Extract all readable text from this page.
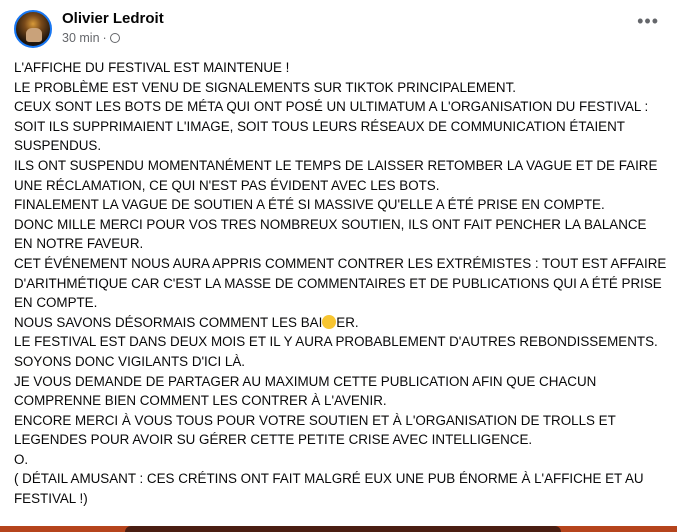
Olivier Ledroit
30 min ·
•••
L'AFFICHE DU FESTIVAL EST MAINTENUE !
LE PROBLÈME EST VENU DE SIGNALEMENTS SUR TIKTOK PRINCIPALEMENT.
CEUX SONT LES BOTS DE MÉTA QUI ONT POSÉ UN ULTIMATUM A L'ORGANISATION DU FESTIVAL :
SOIT ILS SUPPRIMAIENT L'IMAGE, SOIT TOUS LEURS RÉSEAUX DE COMMUNICATION ÉTAIENT
SUSPENDUS.
ILS ONT SUSPENDU MOMENTANÉMENT LE TEMPS DE LAISSER RETOMBER LA VAGUE ET DE FAIRE
UNE RÉCLAMATION, CE QUI N'EST PAS ÉVIDENT AVEC LES BOTS.
FINALEMENT LA VAGUE DE SOUTIEN A ÉTÉ SI MASSIVE QU'ELLE A ÉTÉ PRISE EN COMPTE.
DONC MILLE MERCI POUR VOS TRES NOMBREUX SOUTIEN, ILS ONT FAIT PENCHER LA BALANCE
EN NOTRE FAVEUR.
CET ÉVÉNEMENT NOUS AURA APPRIS COMMENT CONTRER LES EXTRÉMISTES : TOUT EST AFFAIRE
D'ARITHMÉTIQUE CAR C'EST LA MASSE DE COMMENTAIRES ET DE PUBLICATIONS QUI A ÉTÉ PRISE
EN COMPTE.
NOUS SAVONS DÉSORMAIS COMMENT LES BAI ER.
LE FESTIVAL EST DANS DEUX MOIS ET IL Y AURA PROBABLEMENT D'AUTRES REBONDISSEMENTS.
SOYONS DONC VIGILANTS D'ICI LÀ.
JE VOUS DEMANDE DE PARTAGER AU MAXIMUM CETTE PUBLICATION AFIN QUE CHACUN
COMPRENNE BIEN COMMENT LES CONTRER À L'AVENIR.
ENCORE MERCI À VOUS TOUS POUR VOTRE SOUTIEN ET À L'ORGANISATION DE TROLLS ET
LEGENDES POUR AVOIR SU GÉRER CETTE PETITE CRISE AVEC INTELLIGENCE.
O.
( DÉTAIL AMUSANT : CES CRÉTINS ONT FAIT MALGRÉ EUX UNE PUB ÉNORME À L'AFFICHE ET AU
FESTIVAL !)
